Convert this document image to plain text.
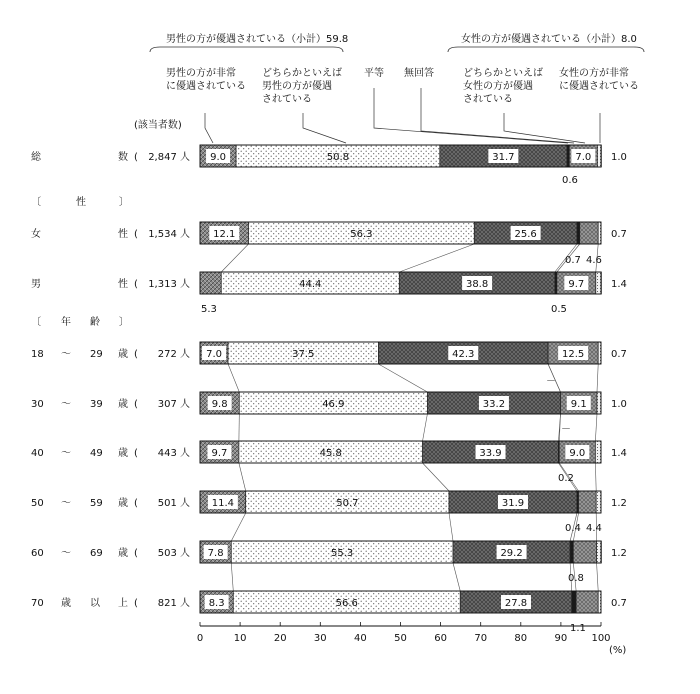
男性の方が優遇されている（小計）59.8	女性の方が優遇されている（小計）8.0
男性の方が非常
に優遇されている
どちらかといえば
男性の方が優遇
されている
平等 無回答	どちらかといえば
女性の方が優遇
されている
女性の方が非常
に優遇されている
(該当者数)
〔	性	〕
〔 年 齢 〕
総	数 ( 2,847 人 9.0	50.8	31.7	7.0 1.0
女	性 ( 1,534 人 12.1	56.3	25.6	0.7
男	性 ( 1,313 人	44.4	38.8	9.7	1.4
18 ～ 29 歳 ( 272 人 7.0	37.5	42.3	12.5	0.7
30 ～ 39 歳 ( 307 人 9.8	46.9	33.2	9.1 1.0
40 ～ 49 歳 ( 443 人 9.7	45.8	33.9	9.0	1.4
50 ～ 59 歳 ( 501 人 11.4	50.7	31.9	1.2
60 ～ 69 歳 ( 503 人 7.8	55.3	29.2	1.2
70 歳 以 上 ( 821 人 8.3	56.6	27.8	0.7
0.6
0.7 4.6
5.3	0.5
－
－
0.2
0.4 4.4
0.8
1.1
0	10	20	30	40	50	60	70	80	90 100
(%)
